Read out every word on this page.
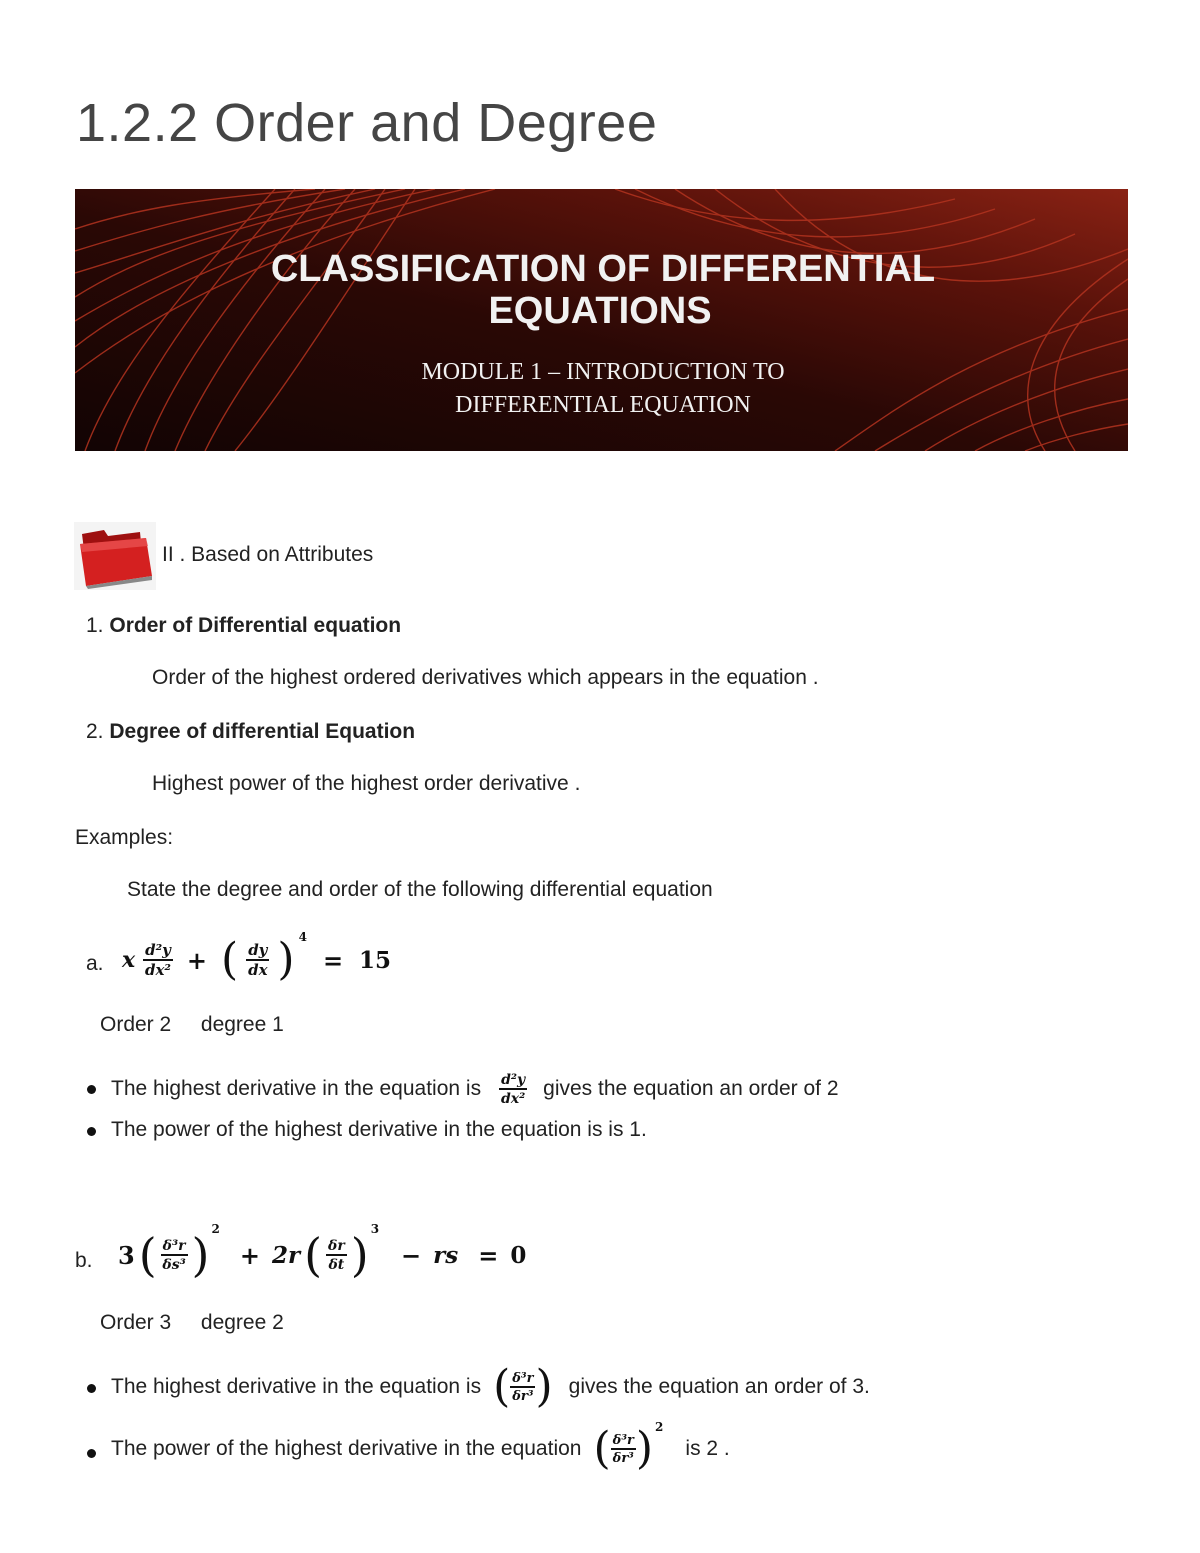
1.2.2 Order and Degree
CLASSIFICATION OF DIFFERENTIAL
EQUATIONS
MODULE 1 – INTRODUCTION TO
DIFFERENTIAL EQUATION
II . Based on Attributes
1. Order of Differential equation
Order of the highest ordered derivatives which appears in the equation .
2. Degree of differential Equation
Highest power of the highest order derivative .
Examples:
State the degree and order of the following differential equation
a. x $\frac{\text{d²y}}{\text{dx²}}$ + ( $\frac{dy}{dx}$ ) 4
= 15
Order 2 degree 1
The highest derivative in the equation is $\frac{\text{d²y}}{\text{dx²}}$ gives the equation an order of 2
The power of the highest derivative in the equation is is 1.
b. 3 ( $\frac{\text{δ³r}}{\text{δs³}}$ ) 2
+ 2r ( $\frac{\delta r}{\delta t}$ ) 3
− rs = 0
Order 3 degree 2
The highest derivative in the equation is ( $\frac{\text{δ³r}}{\text{δr³}}$ ) gives the equation an order of 3.
The power of the highest derivative in the equation ( $\frac{\text{δ³r}}{\text{δr³}}$ ) 2
is 2 .
